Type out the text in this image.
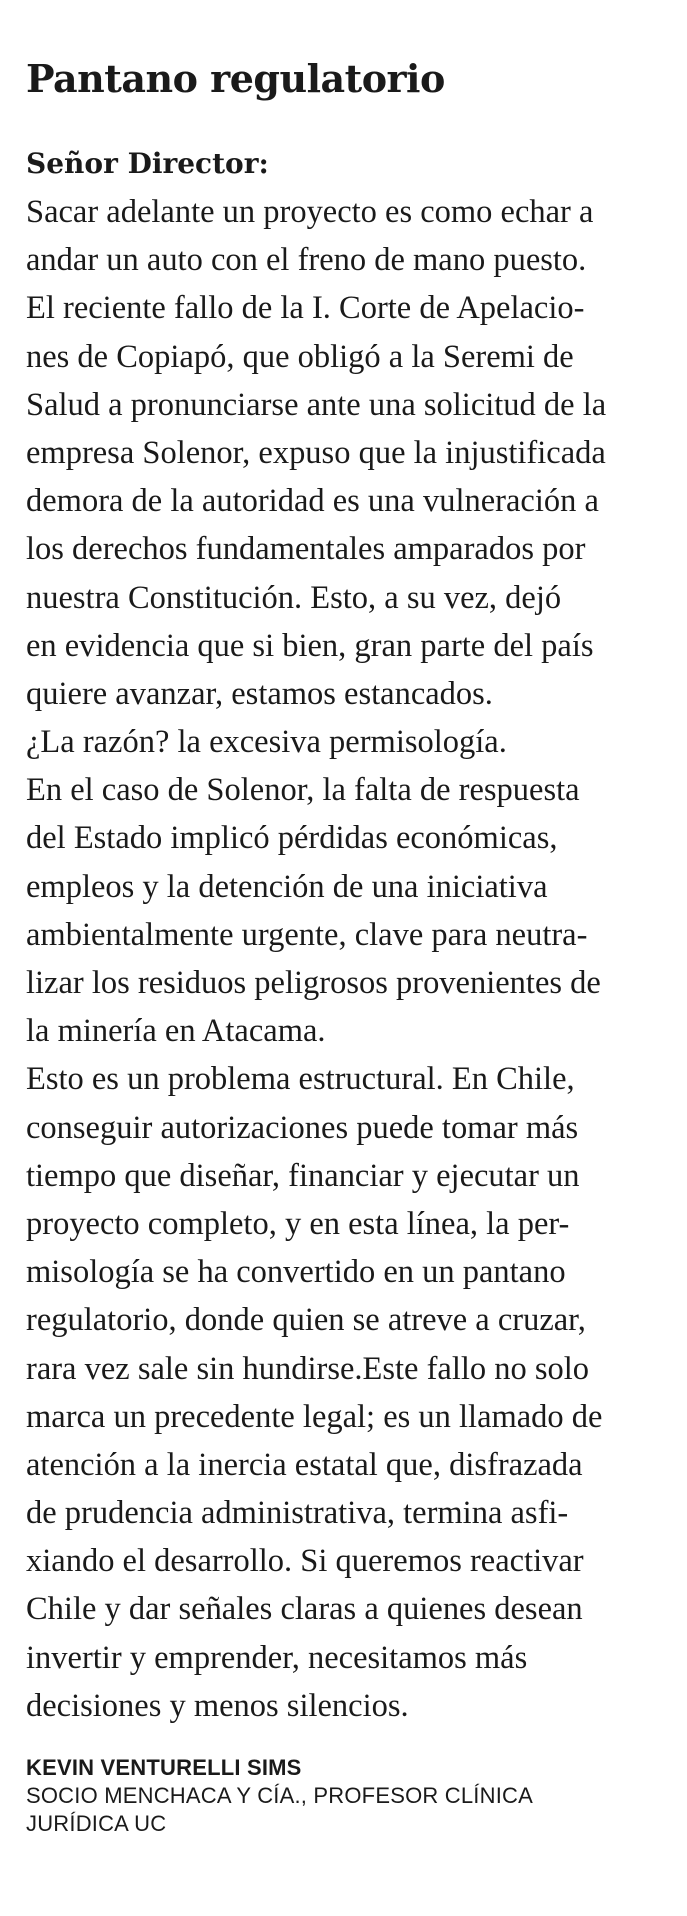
Pantano regulatorio
Señor Director:
Sacar adelante un proyecto es como echar a
andar un auto con el freno de mano puesto.
El reciente fallo de la I. Corte de Apelacio-
nes de Copiapó, que obligó a la Seremi de
Salud a pronunciarse ante una solicitud de la
empresa Solenor, expuso que la injustificada
demora de la autoridad es una vulneración a
los derechos fundamentales amparados por
nuestra Constitución. Esto, a su vez, dejó
en evidencia que si bien, gran parte del país
quiere avanzar, estamos estancados.
¿La razón? la excesiva permisología.
En el caso de Solenor, la falta de respuesta
del Estado implicó pérdidas económicas,
empleos y la detención de una iniciativa
ambientalmente urgente, clave para neutra-
lizar los residuos peligrosos provenientes de
la minería en Atacama.
Esto es un problema estructural. En Chile,
conseguir autorizaciones puede tomar más
tiempo que diseñar, financiar y ejecutar un
proyecto completo, y en esta línea, la per-
misología se ha convertido en un pantano
regulatorio, donde quien se atreve a cruzar,
rara vez sale sin hundirse.Este fallo no solo
marca un precedente legal; es un llamado de
atención a la inercia estatal que, disfrazada
de prudencia administrativa, termina asfi-
xiando el desarrollo. Si queremos reactivar
Chile y dar señales claras a quienes desean
invertir y emprender, necesitamos más
decisiones y menos silencios.
KEVIN VENTURELLI SIMS
SOCIO MENCHACA Y CÍA., PROFESOR CLÍNICA
JURÍDICA UC
